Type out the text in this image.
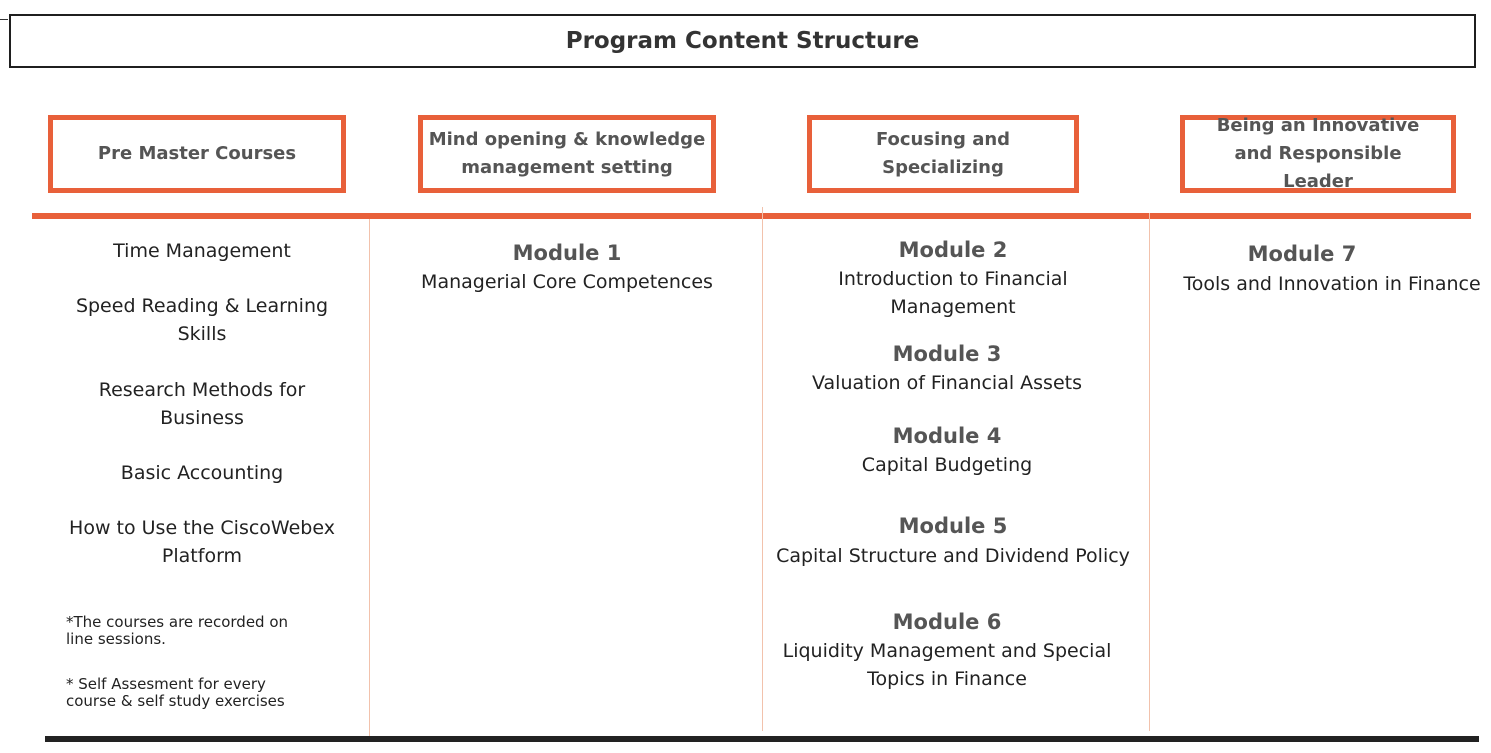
Program Content Structure
Pre Master Courses
Mind opening & knowledge management setting
Focusing and Specializing
Being an Innovative and Responsible Leader
Time Management
Speed Reading & Learning Skills
Research Methods for Business
Basic Accounting
How to Use the CiscoWebex Platform
*The courses are recorded on line sessions.
* Self Assesment for every course & self study exercises
Module 1
Managerial Core Competences
Module 2
Introduction to Financial Management
Module 3
Valuation of Financial Assets
Module 4
Capital Budgeting
Module 5
Capital Structure and Dividend Policy
Module 6
Liquidity Management and Special Topics in Finance
Module 7
Tools and Innovation in Finance
